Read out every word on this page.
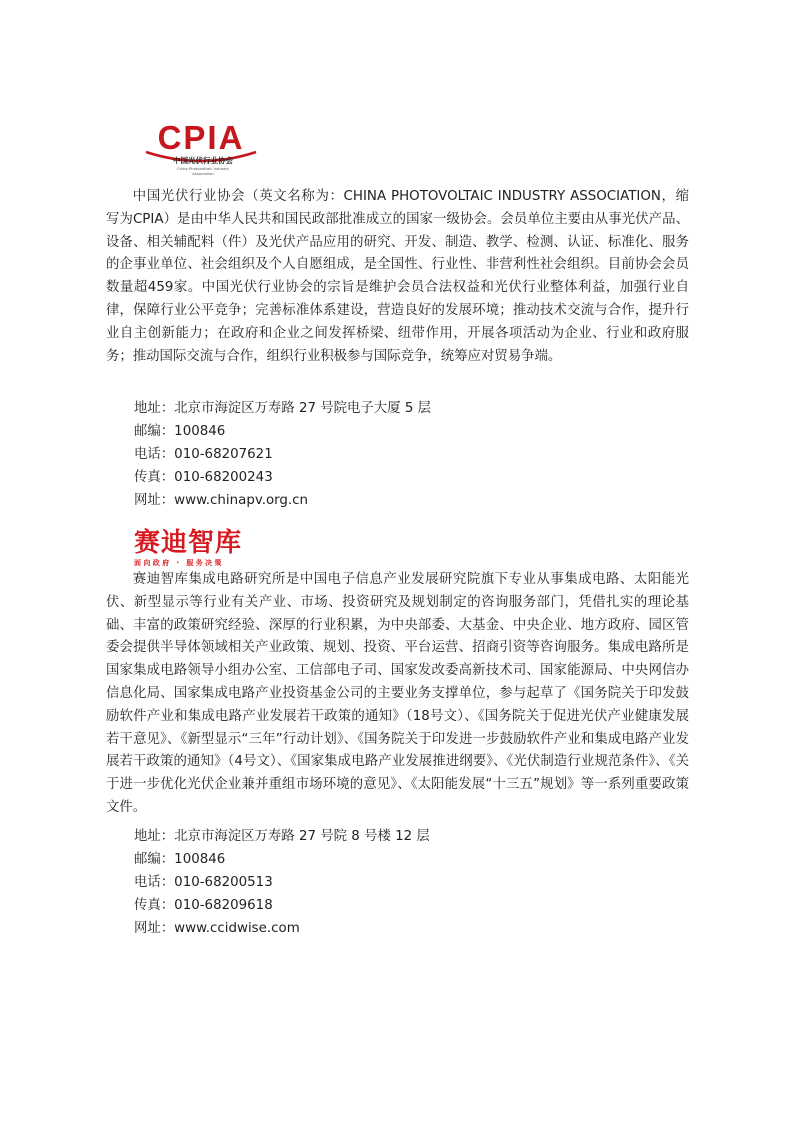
CPIA
中国光伏行业协会
China Photovoltaic Industry Association

中国光伏行业协会（英文名称为：CHINA PHOTOVOLTAIC INDUSTRY ASSOCIATION，缩写为CPIA）是由中华人民共和国民政部批准成立的国家一级协会。会员单位主要由从事光伏产品、设备、相关辅配料（件）及光伏产品应用的研究、开发、制造、教学、检测、认证、标准化、服务的企事业单位、社会组织及个人自愿组成，是全国性、行业性、非营利性社会组织。目前协会会员数量超459家。中国光伏行业协会的宗旨是维护会员合法权益和光伏行业整体利益，加强行业自律，保障行业公平竞争；完善标准体系建设，营造良好的发展环境；推动技术交流与合作，提升行业自主创新能力；在政府和企业之间发挥桥梁、纽带作用，开展各项活动为企业、行业和政府服务；推动国际交流与合作，组织行业积极参与国际竞争，统筹应对贸易争端。

地址：北京市海淀区万寿路 27 号院电子大厦 5 层
邮编：100846
电话：010-68207621
传真：010-68200243
网址：www.chinapv.org.cn
赛迪智库
面向政府 · 服务决策

赛迪智库集成电路研究所是中国电子信息产业发展研究院旗下专业从事集成电路、太阳能光伏、新型显示等行业有关产业、市场、投资研究及规划制定的咨询服务部门，凭借扎实的理论基础、丰富的政策研究经验、深厚的行业积累，为中央部委、大基金、中央企业、地方政府、园区管委会提供半导体领域相关产业政策、规划、投资、平台运营、招商引资等咨询服务。集成电路所是国家集成电路领导小组办公室、工信部电子司、国家发改委高新技术司、国家能源局、中央网信办信息化局、国家集成电路产业投资基金公司的主要业务支撑单位，参与起草了《国务院关于印发鼓励软件产业和集成电路产业发展若干政策的通知》（18号文）、《国务院关于促进光伏产业健康发展若干意见》、《新型显示“三年”行动计划》、《国务院关于印发进一步鼓励软件产业和集成电路产业发展若干政策的通知》（4号文）、《国家集成电路产业发展推进纲要》、《光伏制造行业规范条件》、《关于进一步优化光伏企业兼并重组市场环境的意见》、《太阳能发展“十三五”规划》等一系列重要政策文件。

地址：北京市海淀区万寿路 27 号院 8 号楼 12 层
邮编：100846
电话：010-68200513
传真：010-68209618
网址：www.ccidwise.com
